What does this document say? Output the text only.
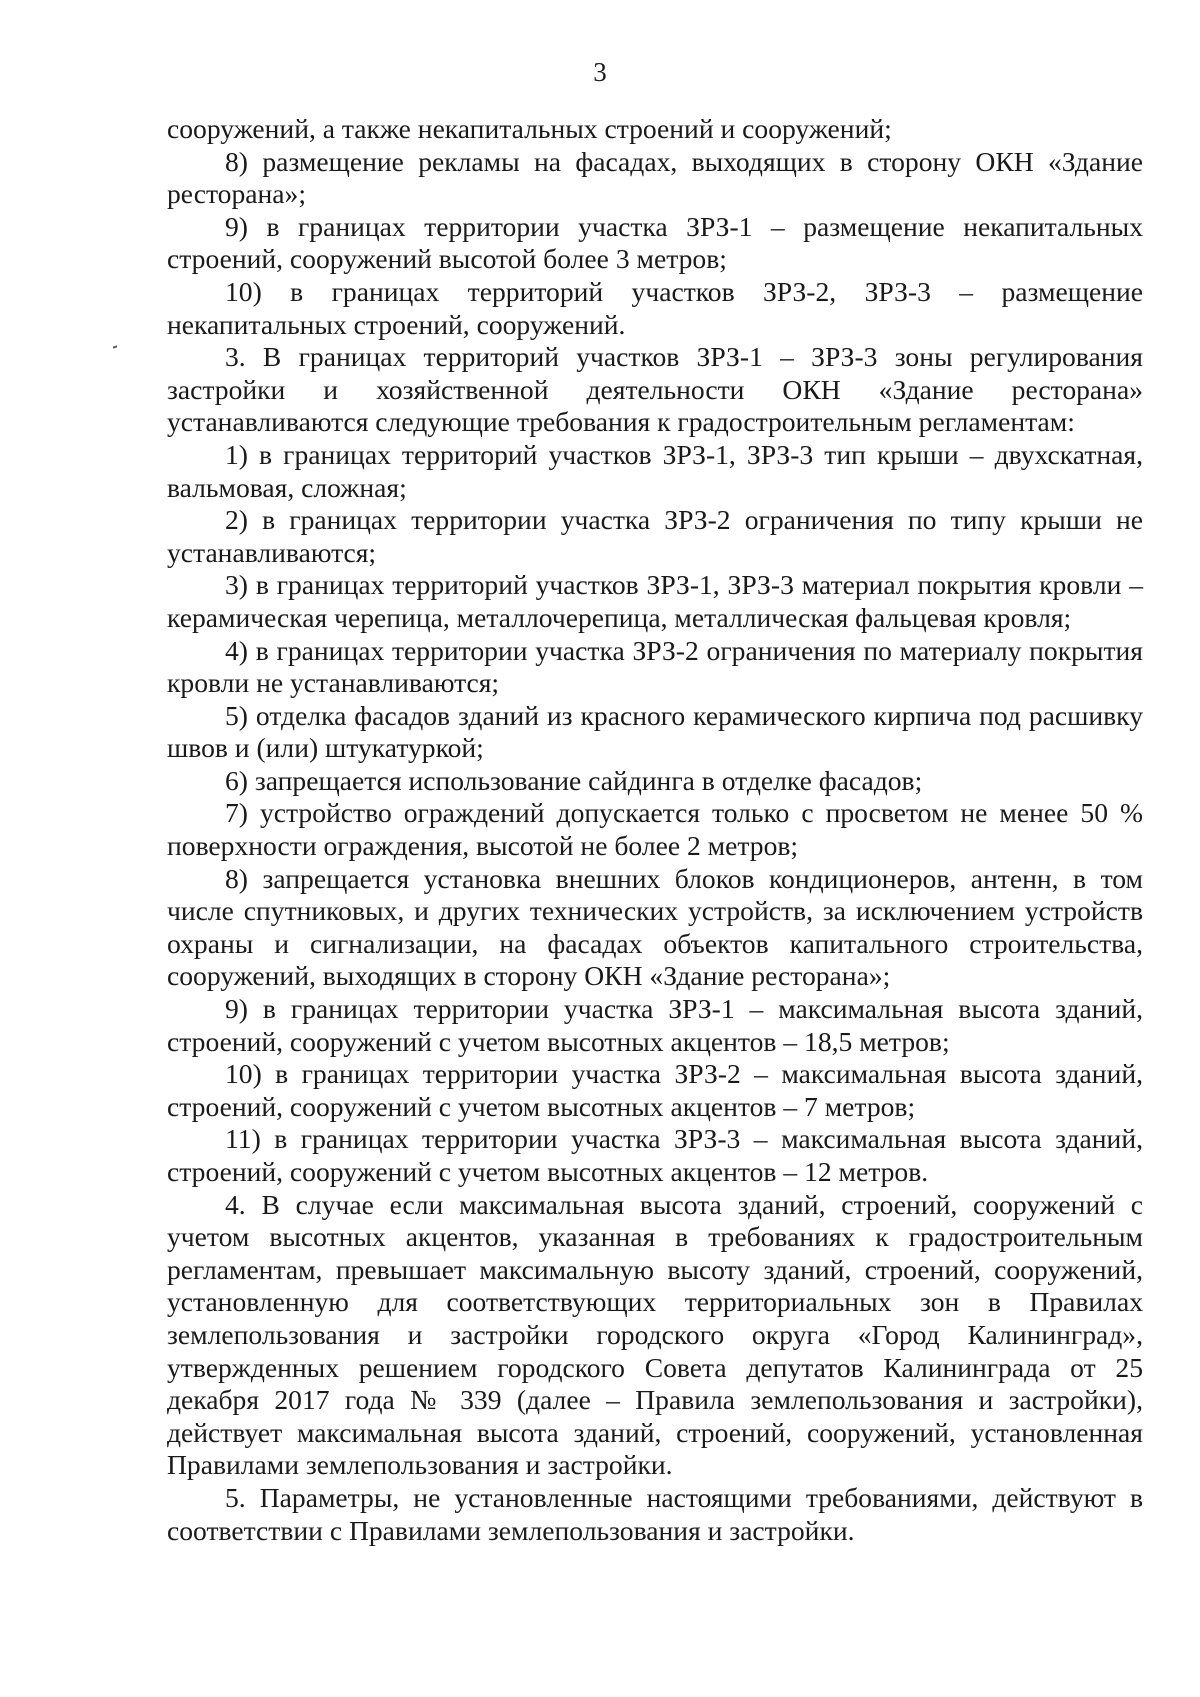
3

сооружений, а также некапитальных строений и сооружений;

8) размещение рекламы на фасадах, выходящих в сторону ОКН «Здание ресторана»;

9) в границах территории участка ЗРЗ-1 – размещение некапитальных строений, сооружений высотой более 3 метров;

10) в границах территорий участков ЗРЗ-2, ЗРЗ-3 – размещение некапитальных строений, сооружений.

3. В границах территорий участков ЗРЗ-1 – ЗРЗ-3 зоны регулирования застройки и хозяйственной деятельности ОКН «Здание ресторана» устанавливаются следующие требования к градостроительным регламентам:

1) в границах территорий участков ЗРЗ-1, ЗРЗ-3 тип крыши – двухскатная, вальмовая, сложная;

2) в границах территории участка ЗРЗ-2 ограничения по типу крыши не устанавливаются;

3) в границах территорий участков ЗРЗ-1, ЗРЗ-3 материал покрытия кровли – керамическая черепица, металлочерепица, металлическая фальцевая кровля;

4) в границах территории участка ЗРЗ-2 ограничения по материалу покрытия кровли не устанавливаются;

5) отделка фасадов зданий из красного керамического кирпича под расшивку швов и (или) штукатуркой;

6) запрещается использование сайдинга в отделке фасадов;

7) устройство ограждений допускается только с просветом не менее 50 % поверхности ограждения, высотой не более 2 метров;

8) запрещается установка внешних блоков кондиционеров, антенн, в том числе спутниковых, и других технических устройств, за исключением устройств охраны и сигнализации, на фасадах объектов капитального строительства, сооружений, выходящих в сторону ОКН «Здание ресторана»;

9) в границах территории участка ЗРЗ-1 – максимальная высота зданий, строений, сооружений с учетом высотных акцентов – 18,5 метров;

10) в границах территории участка ЗРЗ-2 – максимальная высота зданий, строений, сооружений с учетом высотных акцентов – 7 метров;

11) в границах территории участка ЗРЗ-3 – максимальная высота зданий, строений, сооружений с учетом высотных акцентов – 12 метров.

4. В случае если максимальная высота зданий, строений, сооружений с учетом высотных акцентов, указанная в требованиях к градостроительным регламентам, превышает максимальную высоту зданий, строений, сооружений, установленную для соответствующих территориальных зон в Правилах землепользования и застройки городского округа «Город Калининград», утвержденных решением городского Совета депутатов Калининграда от 25 декабря 2017 года № 339 (далее – Правила землепользования и застройки), действует максимальная высота зданий, строений, сооружений, установленная Правилами землепользования и застройки.

5. Параметры, не установленные настоящими требованиями, действуют в соответствии с Правилами землепользования и застройки.
